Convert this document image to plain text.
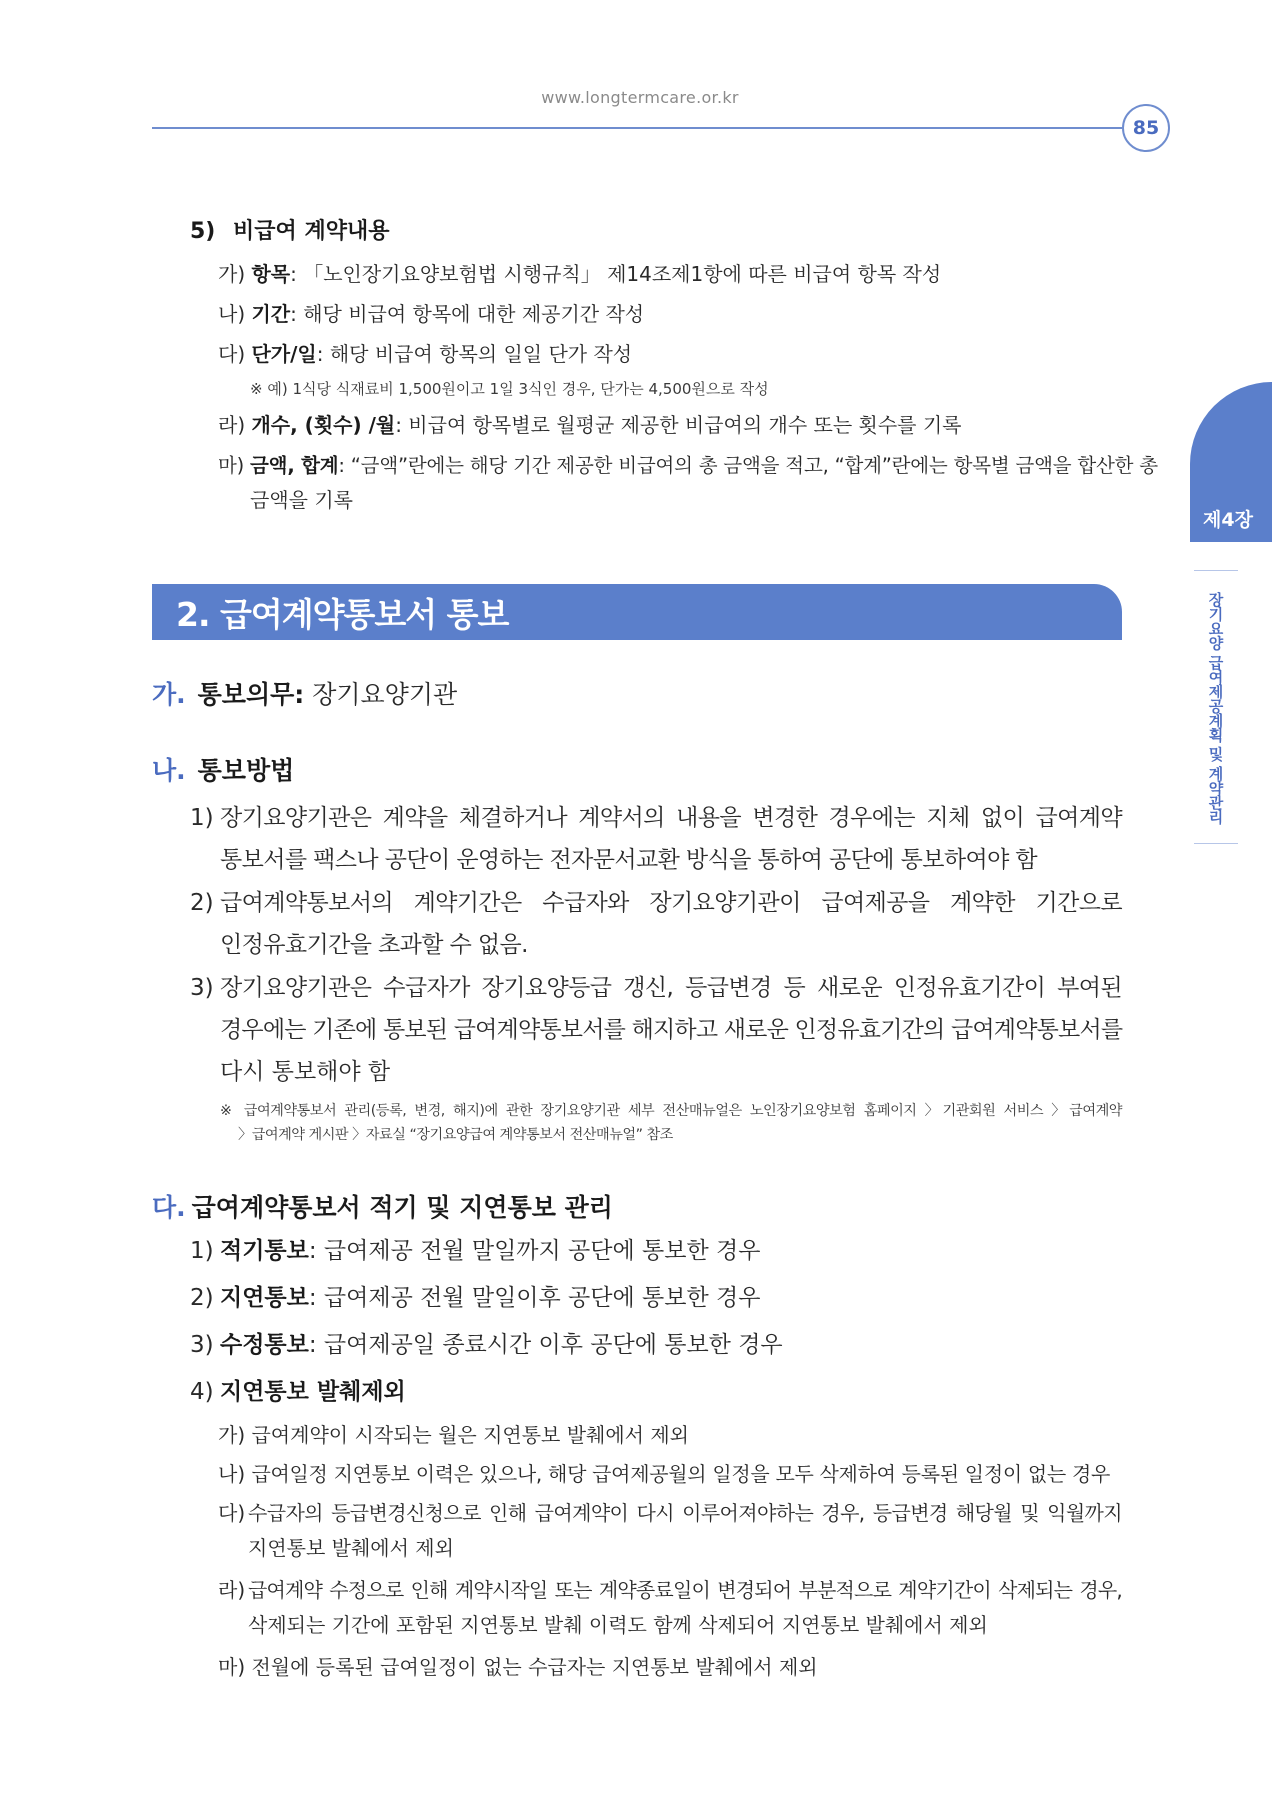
www.longtermcare.or.kr
85
제4장
장기요양 급여제공계획 및 계약관리
5) 비급여 계약내용
가) 항목: 「노인장기요양보험법 시행규칙」 제14조제1항에 따른 비급여 항목 작성
나) 기간: 해당 비급여 항목에 대한 제공기간 작성
다) 단가/일: 해당 비급여 항목의 일일 단가 작성
※ 예) 1식당 식재료비 1,500원이고 1일 3식인 경우, 단가는 4,500원으로 작성
라) 개수, (횟수) /월: 비급여 항목별로 월평균 제공한 비급여의 개수 또는 횟수를 기록
마) 금액, 합계: “금액”란에는 해당 기간 제공한 비급여의 총 금액을 적고, “합계”란에는 항목별 금액을 합산한 총
금액을 기록
2. 급여계약통보서 통보
가. 통보의무: 장기요양기관
나. 통보방법
1) 장기요양기관은 계약을 체결하거나 계약서의 내용을 변경한 경우에는 지체 없이 급여계약
통보서를 팩스나 공단이 운영하는 전자문서교환 방식을 통하여 공단에 통보하여야 함
2) 급여계약통보서의 계약기간은 수급자와 장기요양기관이 급여제공을 계약한 기간으로
인정유효기간을 초과할 수 없음.
3) 장기요양기관은 수급자가 장기요양등급 갱신, 등급변경 등 새로운 인정유효기간이 부여된
경우에는 기존에 통보된 급여계약통보서를 해지하고 새로운 인정유효기간의 급여계약통보서를
다시 통보해야 함
※ 급여계약통보서 관리(등록, 변경, 해지)에 관한 장기요양기관 세부 전산매뉴얼은 노인장기요양보험 홈페이지 〉기관회원 서비스 〉급여계약
〉급여계약 게시판 〉자료실 “장기요양급여 계약통보서 전산매뉴얼” 참조
다. 급여계약통보서 적기 및 지연통보 관리
1) 적기통보: 급여제공 전월 말일까지 공단에 통보한 경우
2) 지연통보: 급여제공 전월 말일이후 공단에 통보한 경우
3) 수정통보: 급여제공일 종료시간 이후 공단에 통보한 경우
4) 지연통보 발췌제외
가) 급여계약이 시작되는 월은 지연통보 발췌에서 제외
나) 급여일정 지연통보 이력은 있으나, 해당 급여제공월의 일정을 모두 삭제하여 등록된 일정이 없는 경우
다) 수급자의 등급변경신청으로 인해 급여계약이 다시 이루어져야하는 경우, 등급변경 해당월 및 익월까지
지연통보 발췌에서 제외
라) 급여계약 수정으로 인해 계약시작일 또는 계약종료일이 변경되어 부분적으로 계약기간이 삭제되는 경우,
삭제되는 기간에 포함된 지연통보 발췌 이력도 함께 삭제되어 지연통보 발췌에서 제외
마) 전월에 등록된 급여일정이 없는 수급자는 지연통보 발췌에서 제외
